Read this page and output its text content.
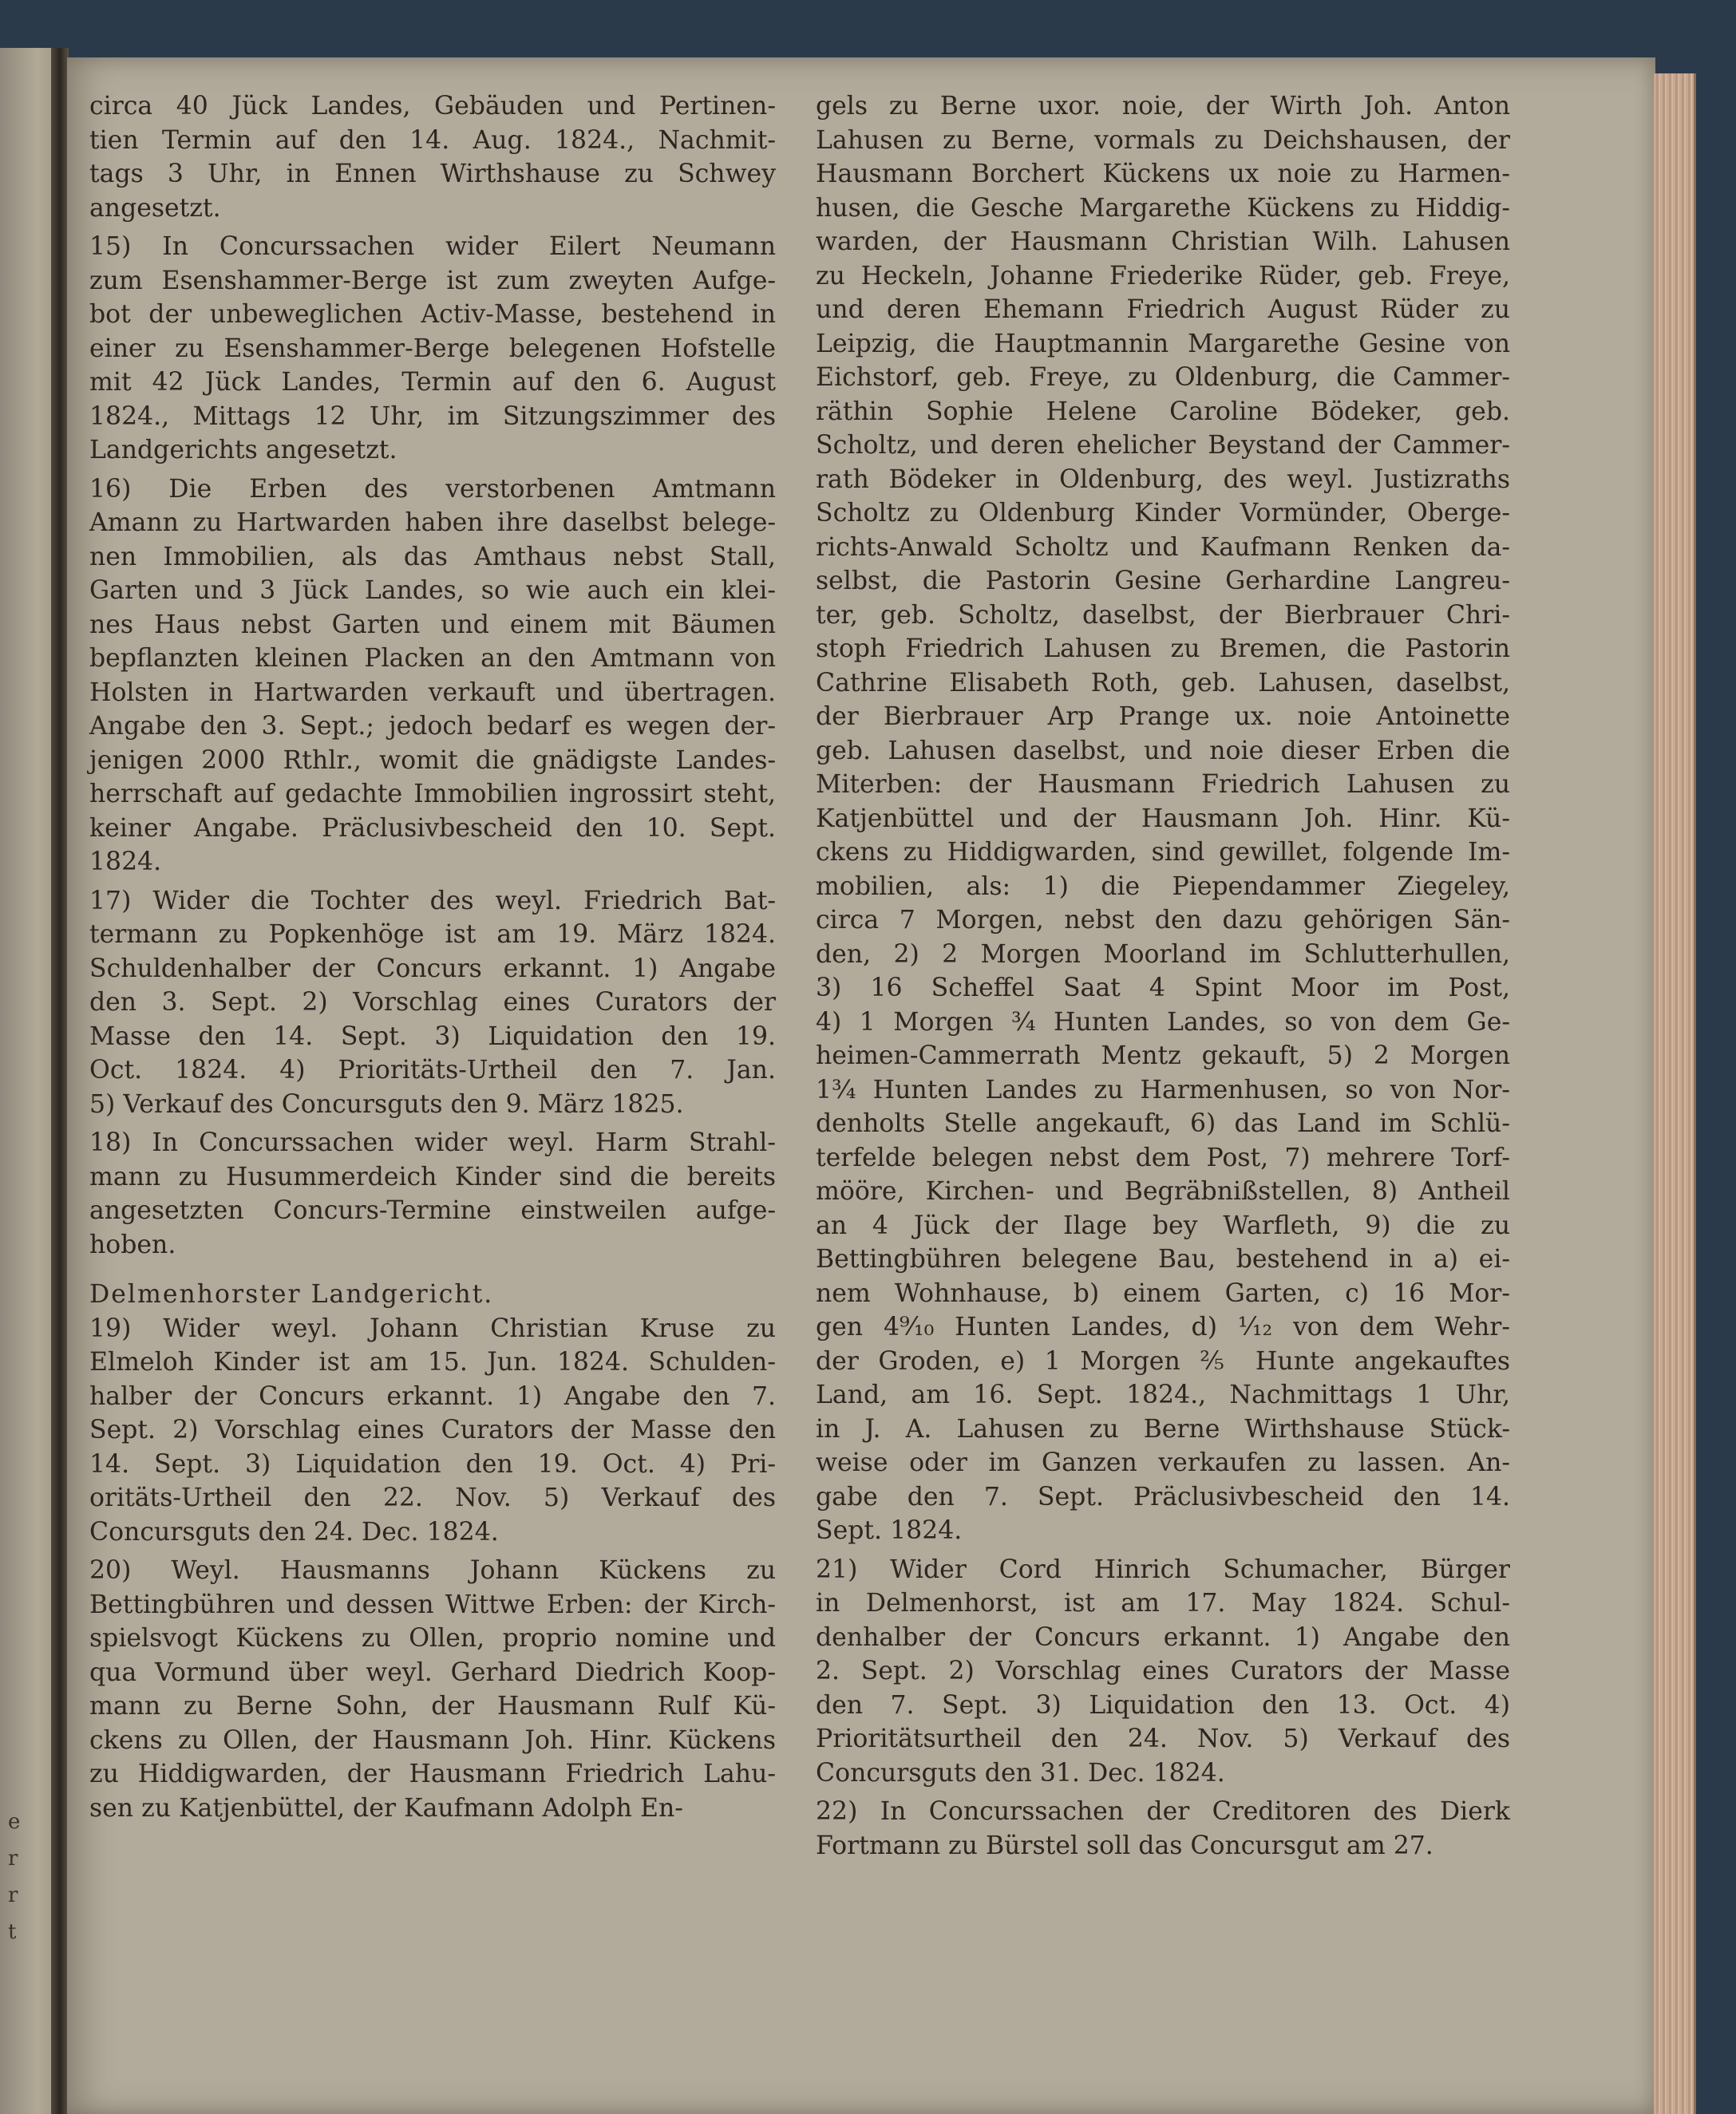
e
r
r
t
circa 40 Jück Landes, Gebäuden und Pertinen-
tien Termin auf den 14. Aug. 1824., Nachmit-
tags 3 Uhr, in Ennen Wirthshause zu Schwey
angesetzt.
15) In Concurssachen wider Eilert Neumann
zum Esenshammer-Berge ist zum zweyten Aufge-
bot der unbeweglichen Activ-Masse, bestehend in
einer zu Esenshammer-Berge belegenen Hofstelle
mit 42 Jück Landes, Termin auf den 6. August
1824., Mittags 12 Uhr, im Sitzungszimmer des
Landgerichts angesetzt.
16) Die Erben des verstorbenen Amtmann
Amann zu Hartwarden haben ihre daselbst belege-
nen Immobilien, als das Amthaus nebst Stall,
Garten und 3 Jück Landes, so wie auch ein klei-
nes Haus nebst Garten und einem mit Bäumen
bepflanzten kleinen Placken an den Amtmann von
Holsten in Hartwarden verkauft und übertragen.
Angabe den 3. Sept.; jedoch bedarf es wegen der-
jenigen 2000 Rthlr., womit die gnädigste Landes-
herrschaft auf gedachte Immobilien ingrossirt steht,
keiner Angabe. Präclusivbescheid den 10. Sept.
1824.
17) Wider die Tochter des weyl. Friedrich Bat-
termann zu Popkenhöge ist am 19. März 1824.
Schuldenhalber der Concurs erkannt. 1) Angabe
den 3. Sept. 2) Vorschlag eines Curators der
Masse den 14. Sept. 3) Liquidation den 19.
Oct. 1824. 4) Prioritäts-Urtheil den 7. Jan.
5) Verkauf des Concursguts den 9. März 1825.
18) In Concurssachen wider weyl. Harm Strahl-
mann zu Husummerdeich Kinder sind die bereits
angesetzten Concurs-Termine einstweilen aufge-
hoben.
Delmenhorster Landgericht.
19) Wider weyl. Johann Christian Kruse zu
Elmeloh Kinder ist am 15. Jun. 1824. Schulden-
halber der Concurs erkannt. 1) Angabe den 7.
Sept. 2) Vorschlag eines Curators der Masse den
14. Sept. 3) Liquidation den 19. Oct. 4) Pri-
oritäts-Urtheil den 22. Nov. 5) Verkauf des
Concursguts den 24. Dec. 1824.
20) Weyl. Hausmanns Johann Kückens zu
Bettingbühren und dessen Wittwe Erben: der Kirch-
spielsvogt Kückens zu Ollen, proprio nomine und
qua Vormund über weyl. Gerhard Diedrich Koop-
mann zu Berne Sohn, der Hausmann Rulf Kü-
ckens zu Ollen, der Hausmann Joh. Hinr. Kückens
zu Hiddigwarden, der Hausmann Friedrich Lahu-
sen zu Katjenbüttel, der Kaufmann Adolph En-
gels zu Berne uxor. noie, der Wirth Joh. Anton
Lahusen zu Berne, vormals zu Deichshausen, der
Hausmann Borchert Kückens ux noie zu Harmen-
husen, die Gesche Margarethe Kückens zu Hiddig-
warden, der Hausmann Christian Wilh. Lahusen
zu Heckeln, Johanne Friederike Rüder, geb. Freye,
und deren Ehemann Friedrich August Rüder zu
Leipzig, die Hauptmannin Margarethe Gesine von
Eichstorf, geb. Freye, zu Oldenburg, die Cammer-
räthin Sophie Helene Caroline Bödeker, geb.
Scholtz, und deren ehelicher Beystand der Cammer-
rath Bödeker in Oldenburg, des weyl. Justizraths
Scholtz zu Oldenburg Kinder Vormünder, Oberge-
richts-Anwald Scholtz und Kaufmann Renken da-
selbst, die Pastorin Gesine Gerhardine Langreu-
ter, geb. Scholtz, daselbst, der Bierbrauer Chri-
stoph Friedrich Lahusen zu Bremen, die Pastorin
Cathrine Elisabeth Roth, geb. Lahusen, daselbst,
der Bierbrauer Arp Prange ux. noie Antoinette
geb. Lahusen daselbst, und noie dieser Erben die
Miterben: der Hausmann Friedrich Lahusen zu
Katjenbüttel und der Hausmann Joh. Hinr. Kü-
ckens zu Hiddigwarden, sind gewillet, folgende Im-
mobilien, als: 1) die Piependammer Ziegeley,
circa 7 Morgen, nebst den dazu gehörigen Sän-
den, 2) 2 Morgen Moorland im Schlutterhullen,
3) 16 Scheffel Saat 4 Spint Moor im Post,
4) 1 Morgen ¾ Hunten Landes, so von dem Ge-
heimen-Cammerrath Mentz gekauft, 5) 2 Morgen
1¾ Hunten Landes zu Harmenhusen, so von Nor-
denholts Stelle angekauft, 6) das Land im Schlü-
terfelde belegen nebst dem Post, 7) mehrere Torf-
mööre, Kirchen- und Begräbnißstellen, 8) Antheil
an 4 Jück der Ilage bey Warfleth, 9) die zu
Bettingbühren belegene Bau, bestehend in a) ei-
nem Wohnhause, b) einem Garten, c) 16 Mor-
gen 4⁹⁄₁₀ Hunten Landes, d) ¹⁄₁₂ von dem Wehr-
der Groden, e) 1 Morgen ⅖ Hunte angekauftes
Land, am 16. Sept. 1824., Nachmittags 1 Uhr,
in J. A. Lahusen zu Berne Wirthshause Stück-
weise oder im Ganzen verkaufen zu lassen. An-
gabe den 7. Sept. Präclusivbescheid den 14.
Sept. 1824.
21) Wider Cord Hinrich Schumacher, Bürger
in Delmenhorst, ist am 17. May 1824. Schul-
denhalber der Concurs erkannt. 1) Angabe den
2. Sept. 2) Vorschlag eines Curators der Masse
den 7. Sept. 3) Liquidation den 13. Oct. 4)
Prioritätsurtheil den 24. Nov. 5) Verkauf des
Concursguts den 31. Dec. 1824.
22) In Concurssachen der Creditoren des Dierk
Fortmann zu Bürstel soll das Concursgut am 27.
